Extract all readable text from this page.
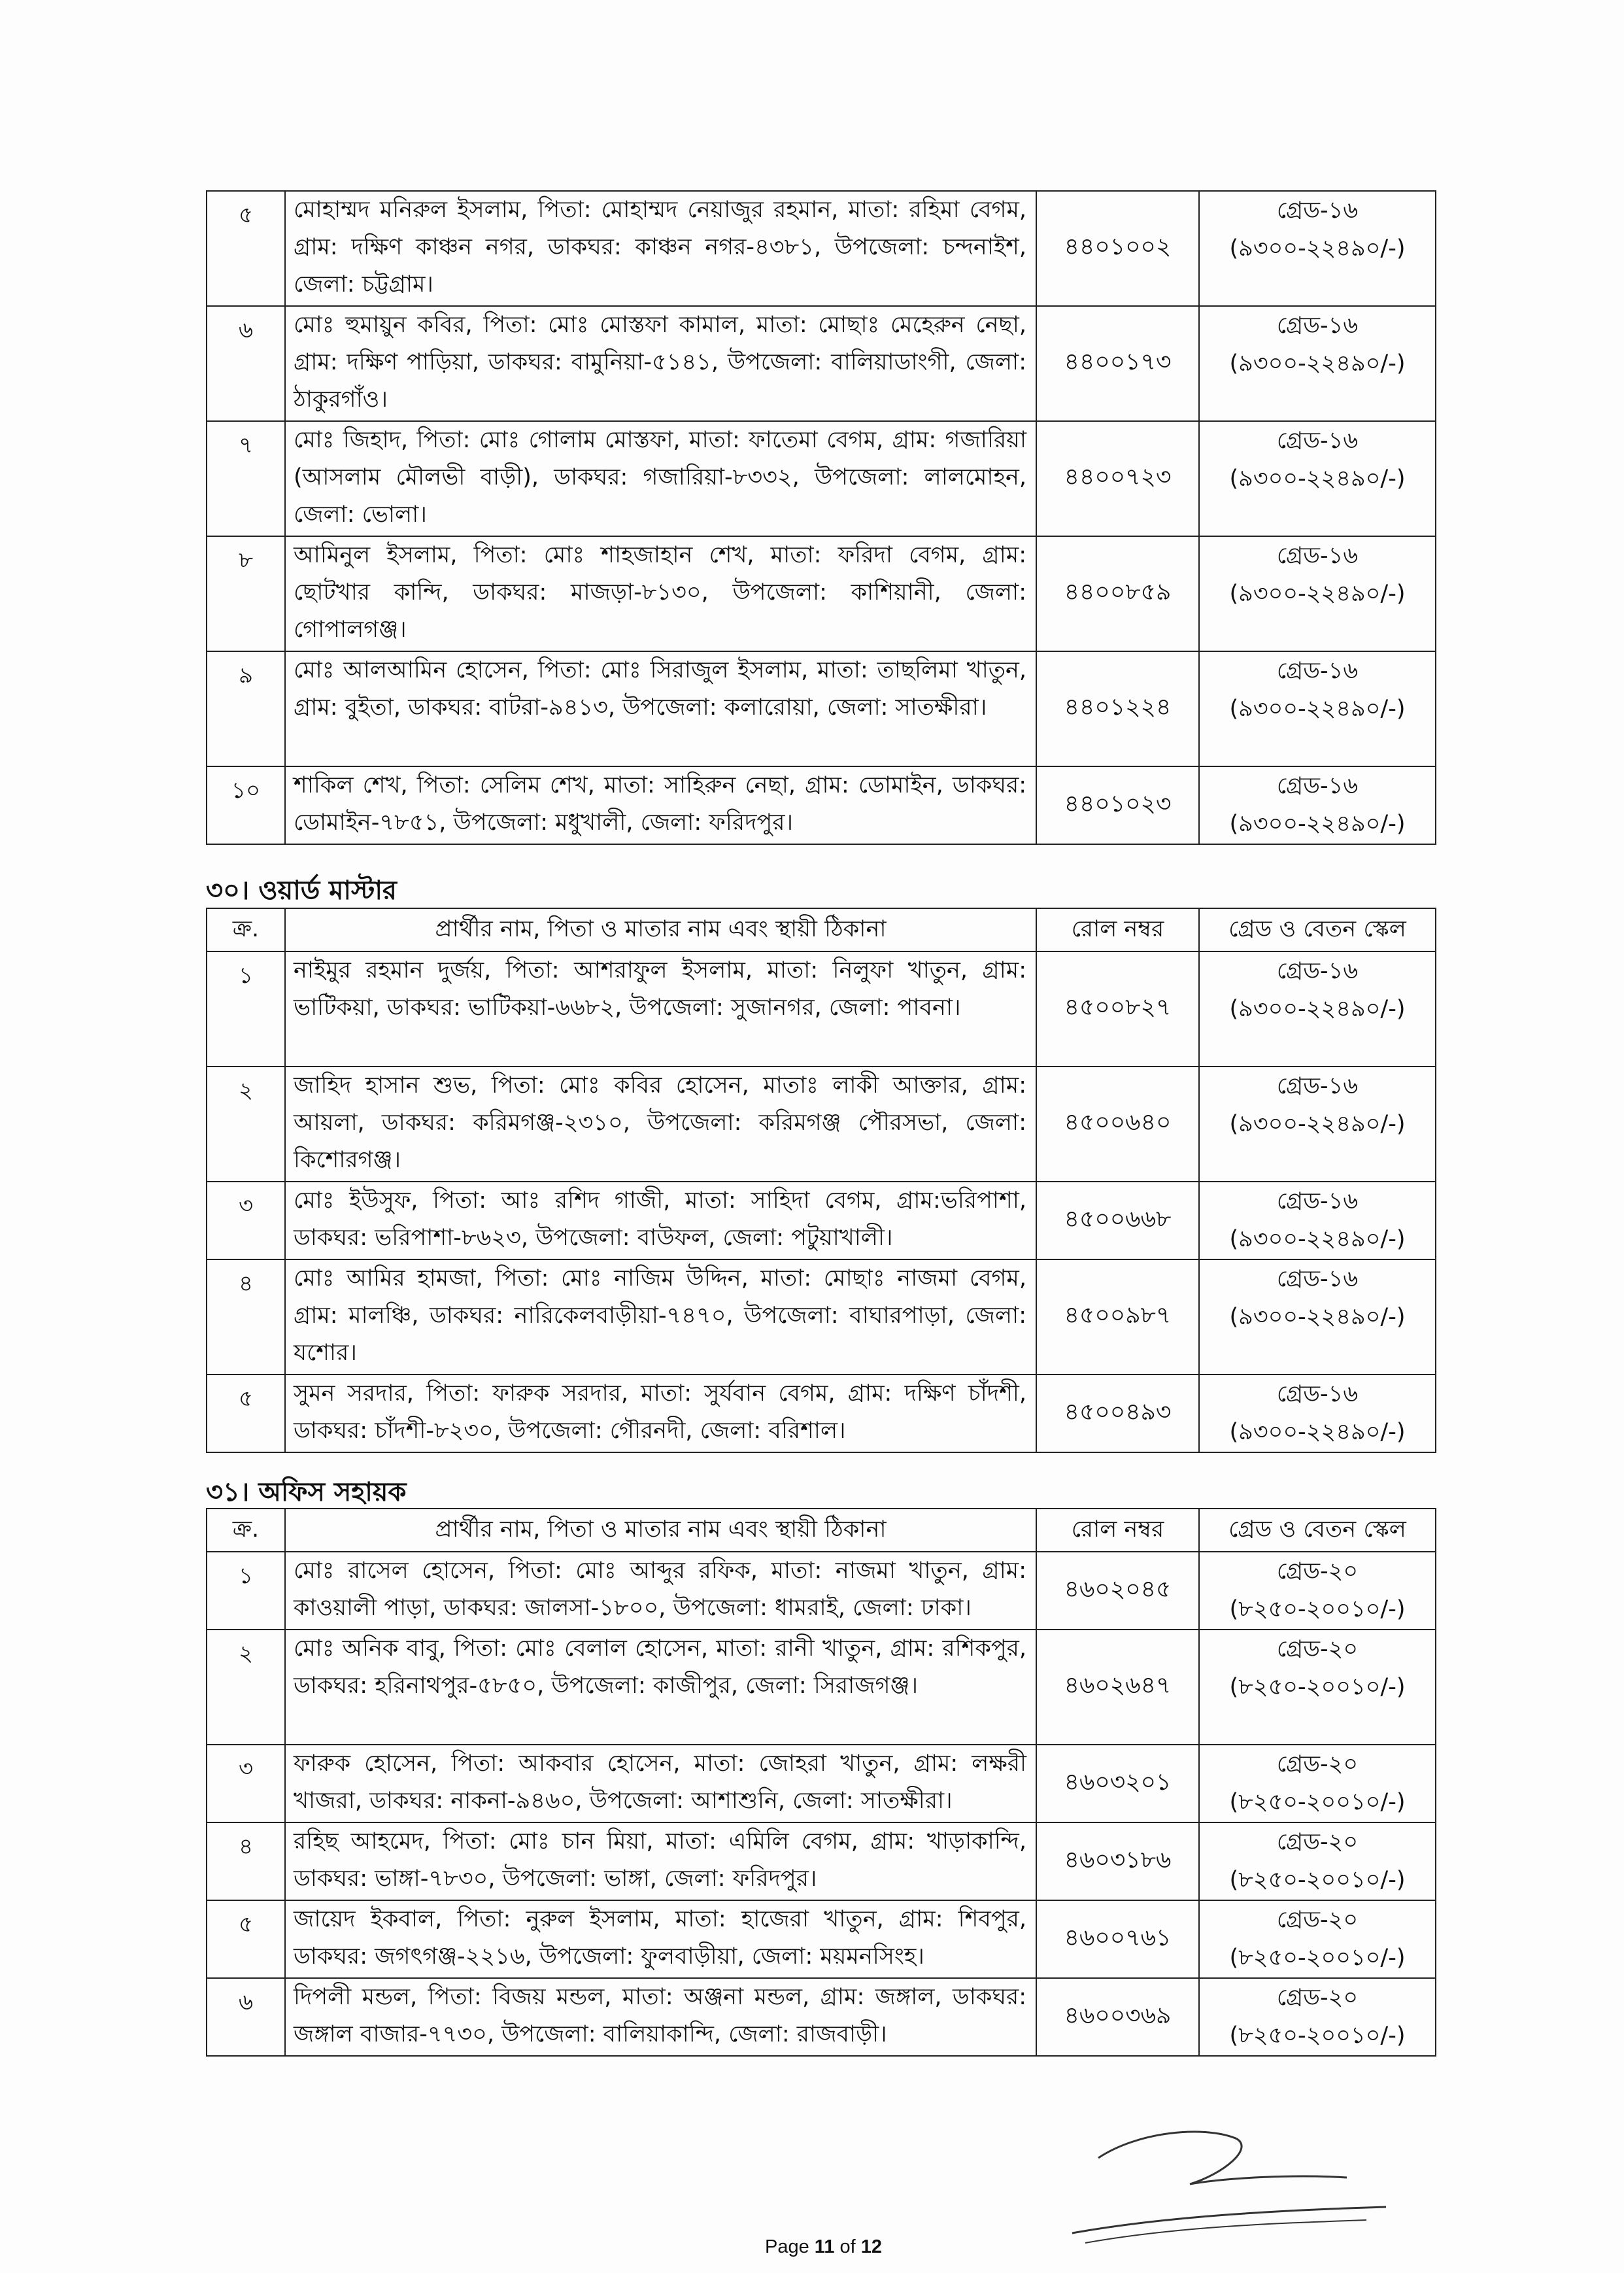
৫	মোহাম্মদ মনিরুল ইসলাম, পিতা: মোহাম্মদ নেয়াজুর রহমান, মাতা: রহিমা বেগম, গ্রাম: দক্ষিণ কাঞ্চন নগর, ডাকঘর: কাঞ্চন নগর-৪৩৮১, উপজেলা: চন্দনাইশ, জেলা: চট্টগ্রাম।	৪৪০১০০২	গ্রেড-১৬
(৯৩০০-২২৪৯০/-)

৬	মোঃ হুমায়ুন কবির, পিতা: মোঃ মোস্তফা কামাল, মাতা: মোছাঃ মেহেরুন নেছা, গ্রাম: দক্ষিণ পাড়িয়া, ডাকঘর: বামুনিয়া-৫১৪১, উপজেলা: বালিয়াডাংগী, জেলা: ঠাকুরগাঁও।	৪৪০০১৭৩	গ্রেড-১৬
(৯৩০০-২২৪৯০/-)

৭	মোঃ জিহাদ, পিতা: মোঃ গোলাম মোস্তফা, মাতা: ফাতেমা বেগম, গ্রাম: গজারিয়া (আসলাম মৌলভী বাড়ী), ডাকঘর: গজারিয়া-৮৩৩২, উপজেলা: লালমোহন, জেলা: ভোলা।	৪৪০০৭২৩	গ্রেড-১৬
(৯৩০০-২২৪৯০/-)

৮	আমিনুল ইসলাম, পিতা: মোঃ শাহজাহান শেখ, মাতা: ফরিদা বেগম, গ্রাম: ছোটখার কান্দি, ডাকঘর: মাজড়া-৮১৩০, উপজেলা: কাশিয়ানী, জেলা: গোপালগঞ্জ।	৪৪০০৮৫৯	গ্রেড-১৬
(৯৩০০-২২৪৯০/-)

৯	মোঃ আলআমিন হোসেন, পিতা: মোঃ সিরাজুল ইসলাম, মাতা: তাছলিমা খাতুন, গ্রাম: বুইতা, ডাকঘর: বাটরা-৯৪১৩, উপজেলা: কলারোয়া, জেলা: সাতক্ষীরা।	৪৪০১২২৪	গ্রেড-১৬
(৯৩০০-২২৪৯০/-)

১০	শাকিল শেখ, পিতা: সেলিম শেখ, মাতা: সাহিরুন নেছা, গ্রাম: ডোমাইন, ডাকঘর: ডোমাইন-৭৮৫১, উপজেলা: মধুখালী, জেলা: ফরিদপুর।	৪৪০১০২৩	গ্রেড-১৬
(৯৩০০-২২৪৯০/-)
৩০। ওয়ার্ড মাস্টার
ক্র.	প্রার্থীর নাম, পিতা ও মাতার নাম এবং স্থায়ী ঠিকানা	রোল নম্বর	গ্রেড ও বেতন স্কেল
১	নাইমুর রহমান দুর্জয়, পিতা: আশরাফুল ইসলাম, মাতা: নিলুফা খাতুন, গ্রাম: ভাটিকয়া, ডাকঘর: ভাটিকয়া-৬৬৮২, উপজেলা: সুজানগর, জেলা: পাবনা।	৪৫০০৮২৭	গ্রেড-১৬
(৯৩০০-২২৪৯০/-)

২	জাহিদ হাসান শুভ, পিতা: মোঃ কবির হোসেন, মাতাঃ লাকী আক্তার, গ্রাম: আয়লা, ডাকঘর: করিমগঞ্জ-২৩১০, উপজেলা: করিমগঞ্জ পৌরসভা, জেলা: কিশোরগঞ্জ।	৪৫০০৬৪০	গ্রেড-১৬
(৯৩০০-২২৪৯০/-)

৩	মোঃ ইউসুফ, পিতা: আঃ রশিদ গাজী, মাতা: সাহিদা বেগম, গ্রাম:ভরিপাশা, ডাকঘর: ভরিপাশা-৮৬২৩, উপজেলা: বাউফল, জেলা: পটুয়াখালী।	৪৫০০৬৬৮	গ্রেড-১৬
(৯৩০০-২২৪৯০/-)

৪	মোঃ আমির হামজা, পিতা: মোঃ নাজিম উদ্দিন, মাতা: মোছাঃ নাজমা বেগম, গ্রাম: মালঞ্চি, ডাকঘর: নারিকেলবাড়ীয়া-৭৪৭০, উপজেলা: বাঘারপাড়া, জেলা: যশোর।	৪৫০০৯৮৭	গ্রেড-১৬
(৯৩০০-২২৪৯০/-)

৫	সুমন সরদার, পিতা: ফারুক সরদার, মাতা: সুর্যবান বেগম, গ্রাম: দক্ষিণ চাঁদশী, ডাকঘর: চাঁদশী-৮২৩০, উপজেলা: গৌরনদী, জেলা: বরিশাল।	৪৫০০৪৯৩	গ্রেড-১৬
(৯৩০০-২২৪৯০/-)
৩১। অফিস সহায়ক
ক্র.	প্রার্থীর নাম, পিতা ও মাতার নাম এবং স্থায়ী ঠিকানা	রোল নম্বর	গ্রেড ও বেতন স্কেল
১	মোঃ রাসেল হোসেন, পিতা: মোঃ আব্দুর রফিক, মাতা: নাজমা খাতুন, গ্রাম: কাওয়ালী পাড়া, ডাকঘর: জালসা-১৮০০, উপজেলা: ধামরাই, জেলা: ঢাকা।	৪৬০২০৪৫	গ্রেড-২০
(৮২৫০-২০০১০/-)

২	মোঃ অনিক বাবু, পিতা: মোঃ বেলাল হোসেন, মাতা: রানী খাতুন, গ্রাম: রশিকপুর, ডাকঘর: হরিনাথপুর-৫৮৫০, উপজেলা: কাজীপুর, জেলা: সিরাজগঞ্জ।	৪৬০২৬৪৭	গ্রেড-২০
(৮২৫০-২০০১০/-)

৩	ফারুক হোসেন, পিতা: আকবার হোসেন, মাতা: জোহরা খাতুন, গ্রাম: লক্ষরী খাজরা, ডাকঘর: নাকনা-৯৪৬০, উপজেলা: আশাশুনি, জেলা: সাতক্ষীরা।	৪৬০৩২০১	গ্রেড-২০
(৮২৫০-২০০১০/-)

৪	রহিছ আহমেদ, পিতা: মোঃ চান মিয়া, মাতা: এমিলি বেগম, গ্রাম: খাড়াকান্দি, ডাকঘর: ভাঙ্গা-৭৮৩০, উপজেলা: ভাঙ্গা, জেলা: ফরিদপুর।	৪৬০৩১৮৬	গ্রেড-২০
(৮২৫০-২০০১০/-)

৫	জায়েদ ইকবাল, পিতা: নুরুল ইসলাম, মাতা: হাজেরা খাতুন, গ্রাম: শিবপুর, ডাকঘর: জগৎগঞ্জ-২২১৬, উপজেলা: ফুলবাড়ীয়া, জেলা: ময়মনসিংহ।	৪৬০০৭৬১	গ্রেড-২০
(৮২৫০-২০০১০/-)

৬	দিপলী মন্ডল, পিতা: বিজয় মন্ডল, মাতা: অঞ্জনা মন্ডল, গ্রাম: জঙ্গাল, ডাকঘর: জঙ্গাল বাজার-৭৭৩০, উপজেলা: বালিয়াকান্দি, জেলা: রাজবাড়ী।	৪৬০০৩৬৯	গ্রেড-২০
(৮২৫০-২০০১০/-)
Page 11 of 12
